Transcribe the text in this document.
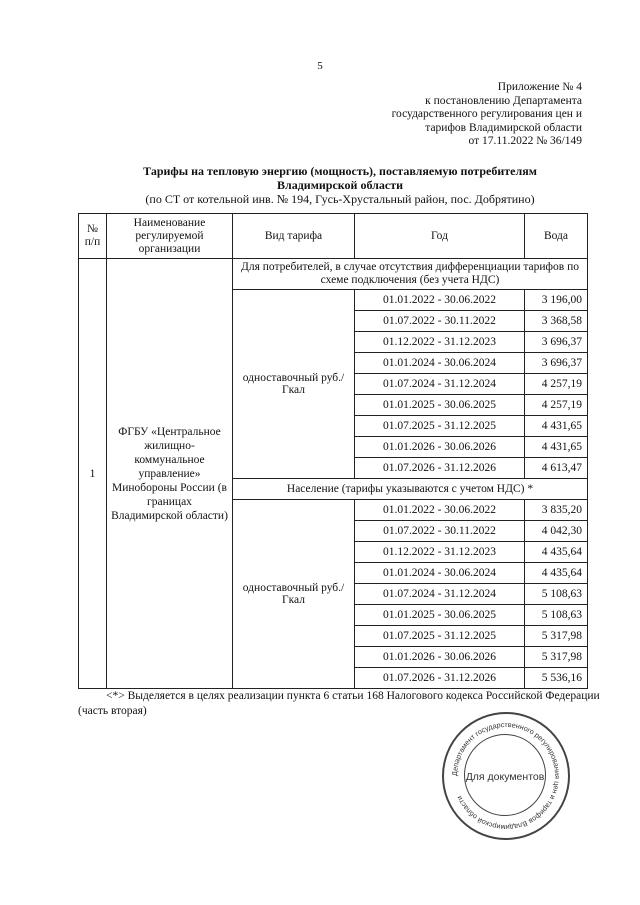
5
Приложение № 4
к постановлению Департамента
государственного регулирования цен и
тарифов Владимирской области
от 17.11.2022 № 36/149
Тарифы на тепловую энергию (мощность), поставляемую потребителям
Владимирской области
(по СТ от котельной инв. № 194, Гусь-Хрустальный район, пос. Добрятино)
№ п/п	Наименование регулируемой организации	Вид тарифа	Год	Вода
1	ФГБУ «Центральное жилищно-коммунальное управление» Минобороны России (в границах Владимирской области)	Для потребителей, в случае отсутствия дифференциации тарифов по схеме подключения (без учета НДС)		
		одноставочный руб./Гкал	01.01.2022 - 30.06.2022	3 196,00
			01.07.2022 - 30.11.2022	3 368,58
			01.12.2022 - 31.12.2023	3 696,37
			01.01.2024 - 30.06.2024	3 696,37
			01.07.2024 - 31.12.2024	4 257,19
			01.01.2025 - 30.06.2025	4 257,19
			01.07.2025 - 31.12.2025	4 431,65
			01.01.2026 - 30.06.2026	4 431,65
			01.07.2026 - 31.12.2026	4 613,47
		Население (тарифы указываются с учетом НДС) *		
		одноставочный руб./Гкал	01.01.2022 - 30.06.2022	3 835,20
			01.07.2022 - 30.11.2022	4 042,30
			01.12.2022 - 31.12.2023	4 435,64
			01.01.2024 - 30.06.2024	4 435,64
			01.07.2024 - 31.12.2024	5 108,63
			01.01.2025 - 30.06.2025	5 108,63
			01.07.2025 - 31.12.2025	5 317,98
			01.01.2026 - 30.06.2026	5 317,98
			01.07.2026 - 31.12.2026	5 536,16
<*> Выделяется в целях реализации пункта 6 статьи 168 Налогового кодекса Российской Федерации (часть вторая)
Департамент государственного регулирования цен и тарифов Владимирской области
Для документов
